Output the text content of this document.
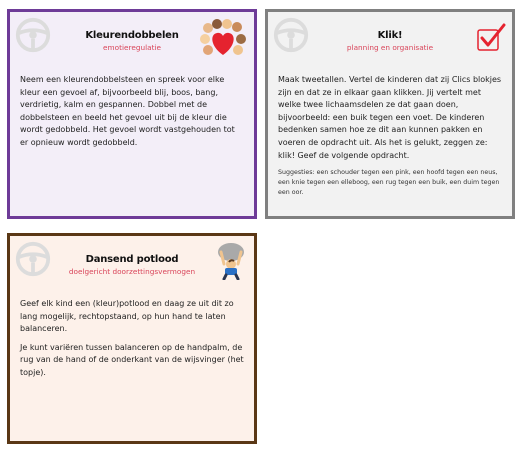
Kleurendobbelen
emotieregulatie

Neem een kleurendobbelsteen en spreek voor elke kleur een gevoel af, bijvoorbeeld blij, boos, bang, verdrietig, kalm en gespannen. Dobbel met de dobbelsteen en beeld het gevoel uit bij de kleur die wordt gedobbeld. Het gevoel wordt vastgehouden tot er opnieuw wordt gedobbeld.

Klik!
planning en organisatie

Maak tweetallen. Vertel de kinderen dat zij Clics blokjes zijn en dat ze in elkaar gaan klikken. Jij vertelt met welke twee lichaamsdelen ze dat gaan doen, bijvoorbeeld: een buik tegen een voet. De kinderen bedenken samen hoe ze dit aan kunnen pakken en voeren de opdracht uit. Als het is gelukt, zeggen ze: klik! Geef de volgende opdracht.

Suggesties: een schouder tegen een pink, een hoofd tegen een neus, een knie tegen een elleboog, een rug tegen een buik, een duim tegen een oor.

Dansend potlood
doelgericht doorzettingsvermogen

Geef elk kind een (kleur)potlood en daag ze uit dit zo lang mogelijk, rechtopstaand, op hun hand te laten balanceren.

Je kunt variëren tussen balanceren op de handpalm, de rug van de hand of de onderkant van de wijsvinger (het topje).
